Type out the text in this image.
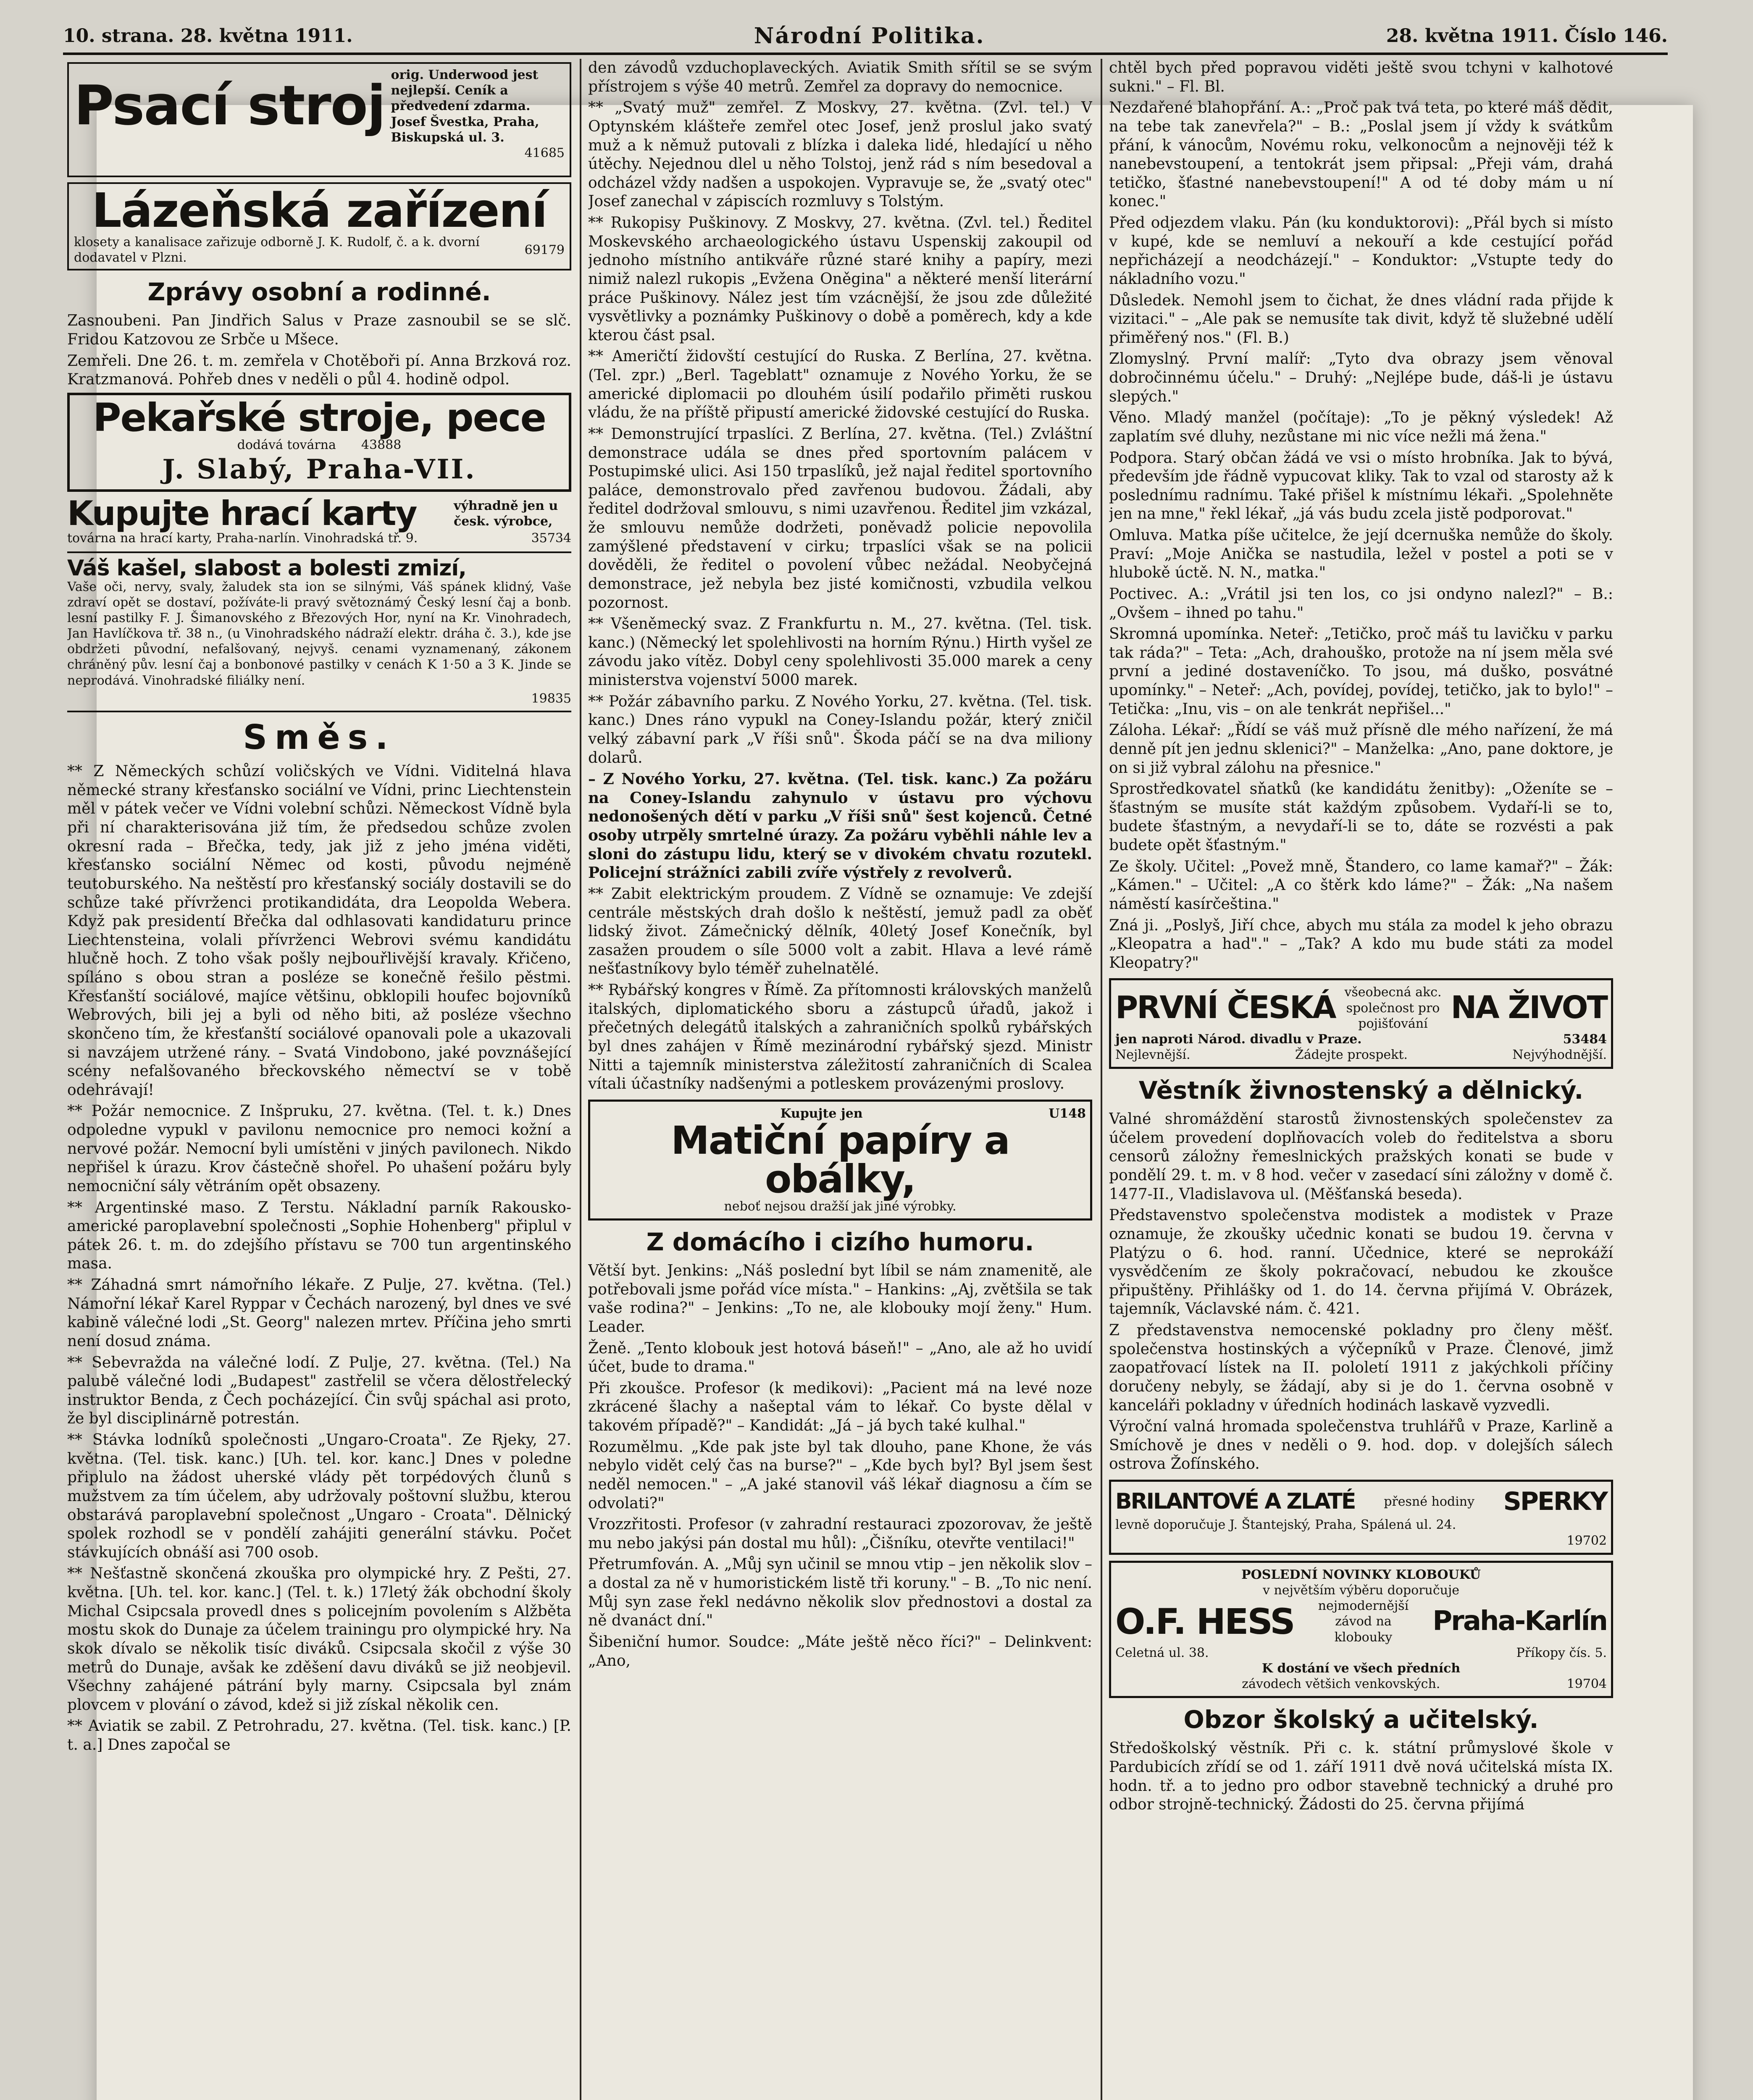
10. strana. 28. května 1911.	Národní Politika.	28. května 1911. Číslo 146.
Psací stroj orig. Underwood jest nejlepší. Ceník a předvedení zdarma. Josef Švestka, Praha, Biskupská ul. 3.
41685
Lázeňská zařízení
klosety a kanalisace zařizuje odborně J. K. Rudolf, č. a k. dvorní dodavatel v Plzni.
69179
Zprávy osobní a rodinné.

Zasnoubeni. Pan Jindřich Salus v Praze zasnoubil se se slč. Fridou Katzovou ze Srbče u Mšece.

Zemřeli. Dne 26. t. m. zemřela v Chotěboři pí. Anna Brzková roz. Kratzmanová. Pohřeb dnes v neděli o půl 4. hodině odpol.

Pekařské stroje, pece
dodává továrna 43888
J. Slabý, Praha-VII.
Kupujte hrací karty	výhradně jen u česk. výrobce,
továrna na hrací karty, Praha-narlín. Vinohradská tř. 9.	35734
Váš kašel, slabost a bolesti zmizí,

Vaše oči, nervy, svaly, žaludek sta ion se silnými, Váš spánek klidný, Vaše zdraví opět se dostaví, požíváte-li pravý světoznámý Český lesní čaj a bonb. lesní pastilky F. J. Šimanovského z Březových Hor, nyní na Kr. Vinohradech, Jan Havlíčkova tř. 38 n., (u Vinohradského nádraží elektr. dráha č. 3.), kde jse obdržeti původní, nefalšovaný, nejvyš. cenami vyznamenaný, zákonem chráněný pův. lesní čaj a bonbonové pastilky v cenách K 1·50 a 3 K. Jinde se neprodává. Vinohradské filiálky není.

19835
Směs.

** Z Německých schůzí voličských ve Vídni. Viditelná hlava německé strany křesťansko sociální ve Vídni, princ Liechtenstein měl v pátek večer ve Vídni volební schůzi. Německost Vídně byla při ní charakterisována již tím, že předsedou schůze zvolen okresní rada – Břečka, tedy, jak již z jeho jména viděti, křesťansko sociální Němec od kosti, původu nejméně teutoburského. Na neštěstí pro křesťanský sociály dostavili se do schůze také přívrženci protikandidáta, dra Leopolda Webera. Když pak presidentí Břečka dal odhlasovati kandidaturu prince Liechtensteina, volali přívrženci Webrovi svému kandidátu hlučně hoch. Z toho však pošly nejbouřlivější kravaly. Křičeno, spíláno s obou stran a posléze se konečně řešilo pěstmi. Křesťanští sociálové, majíce většinu, obklopili houfec bojovníků Webrových, bili jej a byli od něho biti, až posléze všechno skončeno tím, že křesťanští sociálové opanovali pole a ukazovali si navzájem utržené rány. – Svatá Vindobono, jaké povznášející scény nefalšovaného břeckovského němectví se v tobě odehrávají!

** Požár nemocnice. Z Inšpruku, 27. května. (Tel. t. k.) Dnes odpoledne vypukl v pavilonu nemocnice pro nemoci kožní a nervové požár. Nemocní byli umístěni v jiných pavilonech. Nikdo nepřišel k úrazu. Krov částečně shořel. Po uhašení požáru byly nemocniční sály větráním opět obsazeny.

** Argentinské maso. Z Terstu. Nákladní parník Rakousko-americké paroplavební společnosti „Sophie Hohenberg" připlul v pátek 26. t. m. do zdejšího přístavu se 700 tun argentinského masa.

** Záhadná smrt námořního lékaře. Z Pulje, 27. května. (Tel.) Námořní lékař Karel Ryppar v Čechách narozený, byl dnes ve své kabině válečné lodi „St. Georg" nalezen mrtev. Příčina jeho smrti není dosud známa.

** Sebevražda na válečné lodí. Z Pulje, 27. května. (Tel.) Na palubě válečné lodi „Budapest" zastřelil se včera dělostřelecký instruktor Benda, z Čech pocházející. Čin svůj spáchal asi proto, že byl disciplinárně potrestán.

** Stávka lodníků společnosti „Ungaro-Croata". Ze Rjeky, 27. května. (Tel. tisk. kanc.) [Uh. tel. kor. kanc.] Dnes v poledne připlulo na žádost uherské vlády pět torpédových člunů s mužstvem za tím účelem, aby udržovaly poštovní službu, kterou obstarává paroplavební společnost „Ungaro - Croata". Dělnický spolek rozhodl se v pondělí zahájiti generální stávku. Počet stávkujících obnáší asi 700 osob.

** Nešťastně skončená zkouška pro olympické hry. Z Pešti, 27. května. [Uh. tel. kor. kanc.] (Tel. t. k.) 17letý žák obchodní školy Michal Csipcsala provedl dnes s policejním povolením s Alžběta mostu skok do Dunaje za účelem trainingu pro olympické hry. Na skok dívalo se několik tisíc diváků. Csipcsala skočil z výše 30 metrů do Dunaje, avšak ke zděšení davu diváků se již neobjevil. Všechny zahájené pátrání byly marny. Csipcsala byl znám plovcem v plování o závod, kdež si již získal několik cen.

** Aviatik se zabil. Z Petrohradu, 27. května. (Tel. tisk. kanc.) [P. t. a.] Dnes započal se

den závodů vzduchoplaveckých. Aviatik Smith sřítil se se svým přístrojem s výše 40 metrů. Zemřel za dopravy do nemocnice.

** „Svatý muž" zemřel. Z Moskvy, 27. května. (Zvl. tel.) V Optynském klášteře zemřel otec Josef, jenž proslul jako svatý muž a k němuž putovali z blízka i daleka lidé, hledající u něho útěchy. Nejednou dlel u něho Tolstoj, jenž rád s ním besedoval a odcházel vždy nadšen a uspokojen. Vypravuje se, že „svatý otec" Josef zanechal v zápiscích rozmluvy s Tolstým.

** Rukopisy Puškinovy. Z Moskvy, 27. května. (Zvl. tel.) Ředitel Moskevského archaeologického ústavu Uspenskij zakoupil od jednoho místního antikváře různé staré knihy a papíry, mezi nimiž nalezl rukopis „Evžena Oněgina" a některé menší literární práce Puškinovy. Nález jest tím vzácnější, že jsou zde důležité vysvětlivky a poznámky Puškinovy o době a poměrech, kdy a kde kterou část psal.

** Američtí židovští cestující do Ruska. Z Berlína, 27. května. (Tel. zpr.) „Berl. Tageblatt" oznamuje z Nového Yorku, že se americké diplomacii po dlouhém úsilí podařilo přiměti ruskou vládu, že na příště připustí americké židovské cestující do Ruska.

** Demonstrující trpaslíci. Z Berlína, 27. května. (Tel.) Zvláštní demonstrace udála se dnes před sportovním palácem v Postupimské ulici. Asi 150 trpaslíků, jež najal ředitel sportovního paláce, demonstrovalo před zavřenou budovou. Žádali, aby ředitel dodržoval smlouvu, s nimi uzavřenou. Ředitel jim vzkázal, že smlouvu nemůže dodržeti, poněvadž policie nepovolila zamýšlené představení v cirku; trpaslíci však se na policii dověděli, že ředitel o povolení vůbec nežádal. Neobyčejná demonstrace, jež nebyla bez jisté komičnosti, vzbudila velkou pozornost.

** Všeněmecký svaz. Z Frankfurtu n. M., 27. května. (Tel. tisk. kanc.) (Německý let spolehlivosti na horním Rýnu.) Hirth vyšel ze závodu jako vítěz. Dobyl ceny spolehlivosti 35.000 marek a ceny ministerstva vojenství 5000 marek.

** Požár zábavního parku. Z Nového Yorku, 27. května. (Tel. tisk. kanc.) Dnes ráno vypukl na Coney-Islandu požár, který zničil velký zábavní park „V říši snů". Škoda páčí se na dva miliony dolarů.

– Z Nového Yorku, 27. května. (Tel. tisk. kanc.) Za požáru na Coney-Islandu zahynulo v ústavu pro výchovu nedonošených dětí v parku „V říši snů" šest kojenců. Četné osoby utrpěly smrtelné úrazy. Za požáru vyběhli náhle lev a sloni do zástupu lidu, který se v divokém chvatu rozutekl. Policejní strážníci zabili zvíře výstřely z revolverů.

** Zabit elektrickým proudem. Z Vídně se oznamuje: Ve zdejší centrále městských drah došlo k neštěstí, jemuž padl za oběť lidský život. Zámečnický dělník, 40letý Josef Konečník, byl zasažen proudem o síle 5000 volt a zabit. Hlava a levé rámě nešťastníkovy bylo téměř zuhelnatělé.

** Rybářský kongres v Římě. Za přítomnosti královských manželů italských, diplomatického sboru a zástupců úřadů, jakož i přečetných delegátů italských a zahraničních spolků rybářských byl dnes zahájen v Římě mezinárodní rybářský sjezd. Ministr Nitti a tajemník ministerstva záležitostí zahraničních di Scalea vítali účastníky nadšenými a potleskem provázenými proslovy.

Kupujte jen	U148
Matiční papíry a obálky,
neboť nejsou dražší jak jiné výrobky.
Z domácího i cizího humoru.

Větší byt. Jenkins: „Náš poslední byt líbil se nám znamenitě, ale potřebovali jsme pořád více místa." – Hankins: „Aj, zvětšila se tak vaše rodina?" – Jenkins: „To ne, ale klobouky mojí ženy." Hum. Leader.

Ženě. „Tento klobouk jest hotová báseň!" – „Ano, ale až ho uvidí účet, bude to drama."

Při zkoušce. Profesor (k medikovi): „Pacient má na levé noze zkrácené šlachy a našeptal vám to lékař. Co byste dělal v takovém případě?" – Kandidát: „Já – já bych také kulhal."

Rozumělmu. „Kde pak jste byl tak dlouho, pane Khone, že vás nebylo vidět celý čas na burse?" – „Kde bych byl? Byl jsem šest neděl nemocen." – „A jaké stanovil váš lékař diagnosu a čím se odvolati?"

Vrozzřitosti. Profesor (v zahradní restauraci zpozorovav, že ještě mu nebo jakýsi pán dostal mu hůl): „Čišníku, otevřte ventilaci!"

Přetrumfován. A. „Můj syn učinil se mnou vtip – jen několik slov – a dostal za ně v humoristickém listě tři koruny." – B. „To nic není. Můj syn zase řekl nedávno několik slov přednostovi a dostal za ně dvanáct dní."

Šibeniční humor. Soudce: „Máte ještě něco říci?" – Delinkvent: „Ano,

chtěl bych před popravou viděti ještě svou tchyni v kalhotové sukni." – Fl. Bl.

Nezdařené blahopřání. A.: „Proč pak tvá teta, po které máš dědit, na tebe tak zanevřela?" – B.: „Poslal jsem jí vždy k svátkům přání, k vánocům, Novému roku, velkonocům a nejnověji též k nanebevstoupení, a tentokrát jsem připsal: „Přeji vám, drahá tetičko, šťastné nanebevstoupení!" A od té doby mám u ní konec."

Před odjezdem vlaku. Pán (ku konduktorovi): „Přál bych si místo v kupé, kde se nemluví a nekouří a kde cestující pořád nepřicházejí a neodcházejí." – Konduktor: „Vstupte tedy do nákladního vozu."

Důsledek. Nemohl jsem to čichat, že dnes vládní rada přijde k vizitaci." – „Ale pak se nemusíte tak divit, když tě služebné udělí přiměřený nos." (Fl. B.)

Zlomyslný. První malíř: „Tyto dva obrazy jsem věnoval dobročinnému účelu." – Druhý: „Nejlépe bude, dáš-li je ústavu slepých."

Věno. Mladý manžel (počítaje): „To je pěkný výsledek! Až zaplatím své dluhy, nezůstane mi nic více nežli má žena."

Podpora. Starý občan žádá ve vsi o místo hrobníka. Jak to bývá, především jde řádně vypucovat kliky. Tak to vzal od starosty až k poslednímu radnímu. Také přišel k místnímu lékaři. „Spolehněte jen na mne," řekl lékař, „já vás budu zcela jistě podporovat."

Omluva. Matka píše učitelce, že její dcernuška nemůže do školy. Praví: „Moje Anička se nastudila, ležel v postel a poti se v hlubokě úctě. N. N., matka."

Poctivec. A.: „Vrátil jsi ten los, co jsi ondyno nalezl?" – B.: „Ovšem – ihned po tahu."

Skromná upomínka. Neteř: „Tetičko, proč máš tu lavičku v parku tak ráda?" – Teta: „Ach, drahouško, protože na ní jsem měla své první a jediné dostaveníčko. To jsou, má duško, posvátné upomínky." – Neteř: „Ach, povídej, povídej, tetičko, jak to bylo!" – Tetička: „Inu, vis – on ale tenkrát nepřišel..."

Záloha. Lékař: „Řídí se váš muž přísně dle mého nařízení, že má denně pít jen jednu sklenici?" – Manželka: „Ano, pane doktore, je on si již vybral zálohu na přesnice."

Sprostředkovatel sňatků (ke kandidátu ženitby): „Oženíte se – šťastným se musíte stát každým způsobem. Vydaří-li se to, budete šťastným, a nevydaří-li se to, dáte se rozvésti a pak budete opět šťastným."

Ze školy. Učitel: „Povež mně, Štandero, co lame kamař?" – Žák: „Kámen." – Učitel: „A co štěrk kdo láme?" – Žák: „Na našem náměstí kasírčeština."

Zná ji. „Poslyš, Jiří chce, abych mu stála za model k jeho obrazu „Kleopatra a had"." – „Tak? A kdo mu bude státi za model Kleopatry?"

PRVNÍ ČESKÁ všeobecná akc. společnost pro pojišťování NA ŽIVOT
jen naproti Národ. divadlu v Praze.	53484
Nejlevnější.	Žádejte prospekt.	Nejvýhodnější.
Věstník živnostenský a dělnický.

Valné shromáždění starostů živnostenských společenstev za účelem provedení doplňovacích voleb do ředitelstva a sboru censorů záložny řemeslnických pražských konati se bude v pondělí 29. t. m. v 8 hod. večer v zasedací síni záložny v domě č. 1477-II., Vladislavova ul. (Měšťanská beseda).

Představenstvo společenstva modistek a modistek v Praze oznamuje, že zkoušky učednic konati se budou 19. června v Platýzu o 6. hod. ranní. Učednice, které se neprokáží vysvědčením ze školy pokračovací, nebudou ke zkoušce připuštěny. Přihlášky od 1. do 14. června přijímá V. Obrázek, tajemník, Václavské nám. č. 421.

Z představenstva nemocenské pokladny pro členy měšť. společenstva hostinských a výčepníků v Praze. Členové, jimž zaopatřovací lístek na II. pololetí 1911 z jakýchkoli příčiny doručeny nebyly, se žádají, aby si je do 1. června osobně v kanceláři pokladny v úředních hodinách laskavě vyzvedli.

Výroční valná hromada společenstva truhlářů v Praze, Karlině a Smíchově je dnes v neděli o 9. hod. dop. v dolejších sálech ostrova Žofínského.

BRILANTOVÉ A ZLATÉ přesné hodiny SPERKY
levně doporučuje J. Štantejský, Praha, Spálená ul. 24.
19702
POSLEDNÍ NOVINKY KLOBOUKŮ
v největším výběru doporučuje
O.F. HESS nejmodernější závod na klobouky
Praha-Karlín
Celetná ul. 38.	Příkopy čís. 5.
K dostání ve všech předních
závodech většich venkovských.	19704
Obzor školský a učitelský.

Středoškolský věstník. Při c. k. státní průmyslové škole v Pardubicích zřídí se od 1. září 1911 dvě nová učitelská místa IX. hodn. tř. a to jedno pro odbor stavebně technický a druhé pro odbor strojně-technický. Žádosti do 25. června přijímá
